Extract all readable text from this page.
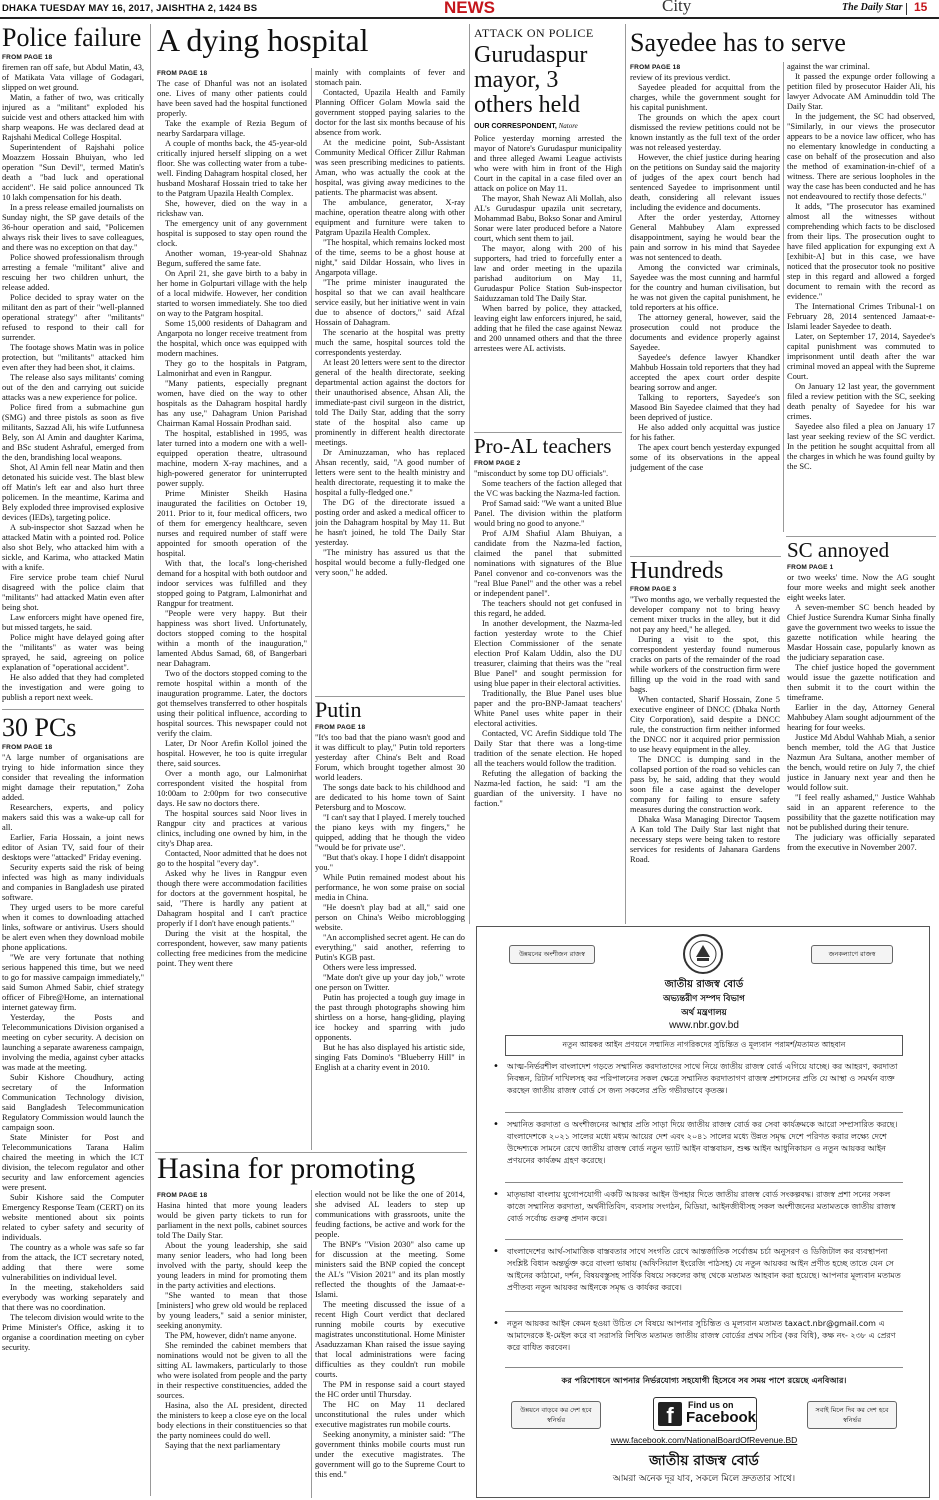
DHAKA TUESDAY MAY 16, 2017, JAISHTHA 2, 1424 BS	NEWS	City	The Daily Star 15
Police failure
FROM PAGE 18

firemen ran off safe, but Abdul Matin, 43, of Matikata Vata village of Godagari, slipped on wet ground.

Matin, a father of two, was critically injured as a "militant" exploded his suicide vest and others attacked him with sharp weapons. He was declared dead at Rajshahi Medical College Hospital.

Superintendent of Rajshahi police Moazzem Hossain Bhuiyan, who led operation "Sun Devil", termed Matin's death a "bad luck and operational accident". He said police announced Tk 10 lakh compensation for his death.

In a press release emailed journalists on Sunday night, the SP gave details of the 36-hour operation and said, "Policemen always risk their lives to save colleagues, and there was no exception on that day."

Police showed professionalism through arresting a female "militant" alive and rescuing her two children unhurt, the release added.

Police decided to spray water on the militant den as part of their "well-planned operational strategy" after "militants" refused to respond to their call for surrender.

The footage shows Matin was in police protection, but "militants" attacked him even after they had been shot, it claims.

The release also says militants' coming out of the den and carrying out suicide attacks was a new experience for police.

Police fired from a submachine gun (SMG) and three pistols as soon as five militants, Sazzad Ali, his wife Lutfunnesa Bely, son Al Amin and daughter Karima, and BSc student Ashraful, emerged from the den, brandishing local weapons.

Shot, Al Amin fell near Matin and then detonated his suicide vest. The blast blew off Matin's left ear and also hurt three policemen. In the meantime, Karima and Bely exploded three improvised explosive devices (IEDs), targeting police.

A sub-inspector shot Sazzad when he attacked Matin with a pointed rod. Police also shot Bely, who attacked him with a sickle, and Karima, who attacked Matin with a knife.

Fire service probe team chief Nurul disagreed with the police claim that "militants" had attacked Matin even after being shot.

Law enforcers might have opened fire, but missed targets, he said.

Police might have delayed going after the "militants" as water was being sprayed, he said, agreeing on police explanation of "operational accident".

He also added that they had completed the investigation and were going to publish a report next week.

30 PCs
FROM PAGE 18

"A large number of organisations are trying to hide information since they consider that revealing the information might damage their reputation," Zoha added.

Researchers, experts, and policy makers said this was a wake-up call for all.

Earlier, Faria Hossain, a joint news editor of Asian TV, said four of their desktops were "attacked" Friday evening.

Security experts said the risk of being infected was high as many individuals and companies in Bangladesh use pirated software.

They urged users to be more careful when it comes to downloading attached links, software or antivirus. Users should be alert even when they download mobile phone applications.

"We are very fortunate that nothing serious happened this time, but we need to go for massive campaign immediately," said Sumon Ahmed Sabir, chief strategy officer of Fibre@Home, an international internet gateway firm.

Yesterday, the Posts and Telecommunications Division organised a meeting on cyber security. A decision on launching a separate awareness campaign, involving the media, against cyber attacks was made at the meeting.

Subir Kishore Choudhury, acting secretary of the Information Communication Technology division, said Bangladesh Telecommunication Regulatory Commission would launch the campaign soon.

State Minister for Post and Telecommunications Tarana Halim chaired the meeting in which the ICT division, the telecom regulator and other security and law enforcement agencies were present.

Subir Kishore said the Computer Emergency Response Team (CERT) on its website mentioned about six points related to cyber safety and security of individuals.

The country as a whole was safe so far from the attack, the ICT secretary noted, adding that there were some vulnerabilities on individual level.

In the meeting, stakeholders said everybody was working separately and that there was no coordination.

The telecom division would write to the Prime Minister's Office, asking it to organise a coordination meeting on cyber security.

A dying hospital
FROM PAGE 18

The case of Dhanful was not an isolated one. Lives of many other patients could have been saved had the hospital functioned properly.

Take the example of Rezia Begum of nearby Sardarpara village.

A couple of months back, the 45-year-old critically injured herself slipping on a wet floor. She was collecting water from a tube-well. Finding Dahagram hospital closed, her husband Mosharaf Hossain tried to take her to the Patgram Upazila Health Complex.

She, however, died on the way in a rickshaw van.

The emergency unit of any government hospital is supposed to stay open round the clock.

Another woman, 19-year-old Shahnaz Begum, suffered the same fate.

On April 21, she gave birth to a baby in her home in Golpurtari village with the help of a local midwife. However, her condition started to worsen immediately. She too died on way to the Patgram hospital.

Some 15,000 residents of Dahagram and Angarpota no longer receive treatment from the hospital, which once was equipped with modern machines.

They go to the hospitals in Patgram, Lalmonirhat and even in Rangpur.

"Many patients, especially pregnant women, have died on the way to other hospitals as the Dahagram hospital hardly has any use," Dahagram Union Parishad Chairman Kamal Hossain Prodhan said.

The hospital, established in 1995, was later turned into a modern one with a well-equipped operation theatre, ultrasound machine, modern X-ray machines, and a high-powered generator for uninterrupted power supply.

Prime Minister Sheikh Hasina inaugurated the facilities on October 19, 2011. Prior to it, four medical officers, two of them for emergency healthcare, seven nurses and required number of staff were appointed for smooth operation of the hospital.

With that, the local's long-cherished demand for a hospital with both outdoor and indoor services was fulfilled and they stopped going to Patgram, Lalmonirhat and Rangpur for treatment.

"People were very happy. But their happiness was short lived. Unfortunately, doctors stopped coming to the hospital within a month of the inauguration," lamented Abdus Samad, 68, of Bangerbari near Dahagram.

Two of the doctors stopped coming to the remote hospital within a month of the inauguration programme. Later, the doctors got themselves transferred to other hospitals using their political influence, according to hospital sources. This newspaper could not verify the claim.

Later, Dr Noor Arefin Kollol joined the hospital. However, he too is quite irregular there, said sources.

Over a month ago, our Lalmonirhat correspondent visited the hospital from 10:00am to 2:00pm for two consecutive days. He saw no doctors there.

The hospital sources said Noor lives in Rangpur city and practices at various clinics, including one owned by him, in the city's Dhap area.

Contacted, Noor admitted that he does not go to the hospital "every day".

Asked why he lives in Rangpur even though there were accommodation facilities for doctors at the government hospital, he said, "There is hardly any patient at Dahagram hospital and I can't practice properly if I don't have enough patients."

During the visit at the hospital, the correspondent, however, saw many patients collecting free medicines from the medicine point. They went there

mainly with complaints of fever and stomach pain.

Contacted, Upazila Health and Family Planning Officer Golam Mowla said the government stopped paying salaries to the doctor for the last six months because of his absence from work.

At the medicine point, Sub-Assistant Community Medical Officer Zillur Rahman was seen prescribing medicines to patients. Aman, who was actually the cook at the hospital, was giving away medicines to the patients. The pharmacist was absent.

The ambulance, generator, X-ray machine, operation theatre along with other equipment and furniture were taken to Patgram Upazila Health Complex.

"The hospital, which remains locked most of the time, seems to be a ghost house at night," said Dildar Hossain, who lives in Angarpota village.

"The prime minister inaugurated the hospital so that we can avail healthcare service easily, but her initiative went in vain due to absence of doctors," said Afzal Hossain of Dahagram.

The scenario at the hospital was pretty much the same, hospital sources told the correspondents yesterday.

At least 20 letters were sent to the director general of the health directorate, seeking departmental action against the doctors for their unauthorised absence, Ahsan Ali, the immediate-past civil surgeon in the district, told The Daily Star, adding that the sorry state of the hospital also came up prominently in different health directorate meetings.

Dr Aminuzzaman, who has replaced Ahsan recently, said, "A good number of letters were sent to the health ministry and health directorate, requesting it to make the hospital a fully-fledged one."

The DG of the directorate issued a posting order and asked a medical officer to join the Dahagram hospital by May 11. But he hasn't joined, he told The Daily Star yesterday.

"The ministry has assured us that the hospital would become a fully-fledged one very soon," he added.

Putin
FROM PAGE 18

"It's too bad that the piano wasn't good and it was difficult to play," Putin told reporters yesterday after China's Belt and Road Forum, which brought together almost 30 world leaders.

The songs date back to his childhood and are dedicated to his home town of Saint Petersburg and to Moscow.

"I can't say that I played. I merely touched the piano keys with my fingers," he quipped, adding that he though the video "would be for private use".

"But that's okay. I hope I didn't disappoint you."

While Putin remained modest about his performance, he won some praise on social media in China.

"He doesn't play bad at all," said one person on China's Weibo microblogging website.

"An accomplished secret agent. He can do everything," said another, referring to Putin's KGB past.

Others were less impressed.

"Mate don't give up your day job," wrote one person on Twitter.

Putin has projected a tough guy image in the past through photographs showing him shirtless on a horse, hang-gliding, playing ice hockey and sparring with judo opponents.

But he has also displayed his artistic side, singing Fats Domino's "Blueberry Hill" in English at a charity event in 2010.

Hasina for promoting
FROM PAGE 18

Hasina hinted that more young leaders would be given party tickets to run for parliament in the next polls, cabinet sources told The Daily Star.

About the young leadership, she said many senior leaders, who had long been involved with the party, should keep the young leaders in mind for promoting them in the party activities and elections.

"She wanted to mean that those [ministers] who grew old would be replaced by young leaders," said a senior minister, seeking anonymity.

The PM, however, didn't name anyone.

She reminded the cabinet members that nominations would not be given to all the sitting AL lawmakers, particularly to those who were isolated from people and the party in their respective constituencies, added the sources.

Hasina, also the AL president, directed the ministers to keep a close eye on the local body elections in their constituencies so that the party nominees could do well.

Saying that the next parliamentary

election would not be like the one of 2014, she advised AL leaders to step up communications with grassroots, unite the feuding factions, be active and work for the people.

The BNP's "Vision 2030" also came up for discussion at the meeting. Some ministers said the BNP copied the concept the AL's "Vision 2021" and its plan mostly reflected the thoughts of the Jamaat-e-Islami.

The meeting discussed the issue of a recent High Court verdict that declared running mobile courts by executive magistrates unconstitutional. Home Minister Asaduzzaman Khan raised the issue saying that local administrations were facing difficulties as they couldn't run mobile courts.

The PM in response said a court stayed the HC order until Thursday.

The HC on May 11 declared unconstitutional the rules under which executive magistrates run mobile courts.

Seeking anonymity, a minister said: "The government thinks mobile courts must run under the executive magistrates. The government will go to the Supreme Court to this end."

ATTACK ON POLICE
Gurudaspur mayor, 3 others held
OUR CORRESPONDENT, Natore

Police yesterday morning arrested the mayor of Natore's Gurudaspur municipality and three alleged Awami League activists who were with him in front of the High Court in the capital in a case filed over an attack on police on May 11.

The mayor, Shah Newaz Ali Mollah, also AL's Gurudaspur upazila unit secretary, Mohammad Babu, Bokso Sonar and Amirul Sonar were later produced before a Natore court, which sent them to jail.

The mayor, along with 200 of his supporters, had tried to forcefully enter a law and order meeting in the upazila parishad auditorium on May 11, Gurudaspur Police Station Sub-inspector Saiduzzaman told The Daily Star.

When barred by police, they attacked, leaving eight law enforcers injured, he said, adding that he filed the case against Newaz and 200 unnamed others and that the three arrestees were AL activists.

Pro-AL teachers
FROM PAGE 2

"misconduct by some top DU officials".

Some teachers of the faction alleged that the VC was backing the Nazma-led faction.

Prof Samad said: "We want a united Blue Panel. The division within the platform would bring no good to anyone."

Prof AJM Shafiul Alam Bhuiyan, a candidate from the Nazma-led faction, claimed the panel that submitted nominations with signatures of the Blue Panel convenor and co-convenors was the "real Blue Panel" and the other was a rebel or independent panel".

The teachers should not get confused in this regard, he added.

In another development, the Nazma-led faction yesterday wrote to the Chief Election Commissioner of the senate election Prof Kalam Uddin, also the DU treasurer, claiming that theirs was the "real Blue Panel" and sought permission for using blue paper in their electoral activities.

Traditionally, the Blue Panel uses blue paper and the pro-BNP-Jamaat teachers' White Panel uses white paper in their electoral activities.

Contacted, VC Arefin Siddique told The Daily Star that there was a long-time tradition of the senate election. He hoped all the teachers would follow the tradition.

Refuting the allegation of backing the Nazma-led faction, he said: "I am the guardian of the university. I have no faction."

Sayedee has to serve
FROM PAGE 18

review of its previous verdict.

Sayedee pleaded for acquittal from the charges, while the government sought for his capital punishment.

The grounds on which the apex court dismissed the review petitions could not be known instantly as the full text of the order was not released yesterday.

However, the chief justice during hearing on the petitions on Sunday said the majority of judges of the apex court bench had sentenced Sayedee to imprisonment until death, considering all relevant issues including the evidence and documents.

After the order yesterday, Attorney General Mahbubey Alam expressed disappointment, saying he would bear the pain and sorrow in his mind that Sayedee was not sentenced to death.

Among the convicted war criminals, Sayedee was the most cunning and harmful for the country and human civilisation, but he was not given the capital punishment, he told reporters at his office.

The attorney general, however, said the prosecution could not produce the documents and evidence properly against Sayedee.

Sayedee's defence lawyer Khandker Mahbub Hossain told reporters that they had accepted the apex court order despite bearing sorrow and anger.

Talking to reporters, Sayedee's son Masood Bin Sayedee claimed that they had been deprived of justice.

He also added only acquittal was justice for his father.

The apex court bench yesterday expunged some of its observations in the appeal judgement of the case

against the war criminal.

It passed the expunge order following a petition filed by prosecutor Haider Ali, his lawyer Advocate AM Aminuddin told The Daily Star.

In the judgement, the SC had observed, "Similarly, in our views the prosecutor appears to be a novice law officer, who has no elementary knowledge in conducting a case on behalf of the prosecution and also the method of examination-in-chief of a witness. There are serious loopholes in the way the case has been conducted and he has not endeavoured to rectify those defects."

It adds, "The prosecutor has examined almost all the witnesses without comprehending which facts to be disclosed from their lips. The prosecution ought to have filed application for expunging ext A [exhibit-A] but in this case, we have noticed that the prosecutor took no positive step in this regard and allowed a forged document to remain with the record as evidence."

The International Crimes Tribunal-1 on February 28, 2014 sentenced Jamaat-e-Islami leader Sayedee to death.

Later, on September 17, 2014, Sayedee's capital punishment was commuted to imprisonment until death after the war criminal moved an appeal with the Supreme Court.

On January 12 last year, the government filed a review petition with the SC, seeking death penalty of Sayedee for his war crimes.

Sayedee also filed a plea on January 17 last year seeking review of the SC verdict. In the petition he sought acquittal from all the charges in which he was found guilty by the SC.

Hundreds
FROM PAGE 3

"Two months ago, we verbally requested the developer company not to bring heavy cement mixer trucks in the alley, but it did not pay any heed," he alleged.

During a visit to the spot, this correspondent yesterday found numerous cracks on parts of the remainder of the road while workers of the construction firm were filling up the void in the road with sand bags.

When contacted, Sharif Hossain, Zone 5 executive engineer of DNCC (Dhaka North City Corporation), said despite a DNCC rule, the construction firm neither informed the DNCC nor it acquired prior permission to use heavy equipment in the alley.

The DNCC is dumping sand in the collapsed portion of the road so vehicles can pass by, he said, adding that they would soon file a case against the developer company for failing to ensure safety measures during the construction work.

Dhaka Wasa Managing Director Taqsem A Kan told The Daily Star last night that necessary steps were being taken to restore services for residents of Jahanara Gardens Road.

SC annoyed
FROM PAGE 1

or two weeks' time. Now the AG sought four more weeks and might seek another eight weeks later.

A seven-member SC bench headed by Chief Justice Surendra Kumar Sinha finally gave the government two weeks to issue the gazette notification while hearing the Masdar Hossain case, popularly known as the judiciary separation case.

The chief justice hoped the government would issue the gazette notification and then submit it to the court within the timeframe.

Earlier in the day, Attorney General Mahbubey Alam sought adjournment of the hearing for four weeks.

Justice Md Abdul Wahhab Miah, a senior bench member, told the AG that Justice Nazmun Ara Sultana, another member of the bench, would retire on July 7, the chief justice in January next year and then he would follow suit.

"I feel really ashamed," Justice Wahhab said in an apparent reference to the possibility that the gazette notification may not be published during their tenure.

The judiciary was officially separated from the executive in November 2007.

উন্নয়নের অংশীজন রাজস্ব	জনকল্যাণে রাজস্ব
জাতীয় রাজস্ব বোর্ড
অভ্যন্তরীণ সম্পদ বিভাগ
অর্থ মন্ত্রণালয়
www.nbr.gov.bd
নতুন আয়কর আইন প্রণয়নে সম্মানিত নাগরিকদের সুচিন্তিত ও মূল্যবান পরামর্শ/মতামত আহবান
• আত্ম-নির্ভরশীল বাংলাদেশ গড়তে সম্মানিত করদাতাদের সাথে নিয়ে জাতীয় রাজস্ব বোর্ড এগিয়ে যাচ্ছে। কর আহরণ, করদাতা নিবন্ধন, রিটার্ন দাখিলসহ কর পরিপালনের সকল ক্ষেত্রে সম্মানিত করদাতাগণ রাজস্ব প্রশাসনের প্রতি যে আস্থা ও সমর্থন ব্যক্ত করছেন জাতীয় রাজস্ব বোর্ড সে জন্য সকলের প্রতি গভীরভাবে কৃতজ্ঞ।
• সম্মানিত করদাতা ও অংশীজনের আস্থার প্রতি সাড়া দিয়ে জাতীয় রাজস্ব বোর্ড কর সেবা কার্যক্রমকে আরো সম্প্রসারিত করছে। বাংলাদেশকে ২০২১ সালের মধ্যে মধ্যম আয়ের দেশ এবং ২০৪১ সালের মধ্যে উন্নত সমৃদ্ধ দেশে পরিণত করার লক্ষ্যে দেশে উদ্দেশ্যকে সামনে রেখে জাতীয় রাজস্ব বোর্ড নতুন ভ্যাট আইন বাস্তবায়ন, শুল্ক আইন আধুনিকায়ন ও নতুন আয়কর আইন প্রণয়নের কার্যক্রম গ্রহণ করেছে।
• মাতৃভাষা বাংলায় যুগোপযোগী একটি আয়কর আইন উপহার দিতে জাতীয় রাজস্ব বোর্ড সংকল্পবদ্ধ। রাজস্ব প্রশা সনের সকল কাজে সম্মানিত করদাতা, অর্থনীতিবিদ, ব্যবসায় সংগঠন, মিডিয়া, আইনজীবীসহ সকল অংশীজনের মতামতকে জাতীয় রাজস্ব বোর্ড সর্বোচ্চ গুরুত্ব প্রদান করে।
• বাংলাদেশের আর্থ-সামাজিক বাস্তবতার সাথে সংগতি রেখে আন্তর্জাতিক সর্বোত্তম চর্চা অনুসরণ ও ডিজিটাল কর ব্যবস্থাপনা সংশ্লিষ্ট বিধান অন্তর্ভুক্ত করে বাংলা ভাষায় (অফিসিয়াল ইংরেজি পাঠসহ) যে নতুন আয়কর আইন প্রণীত হচ্ছে তাতে যেন সে আইনের কাঠামো, দর্শন, বিষয়বস্তুসহ সার্বিক বিষয়ে সকলের কাছ থেকে মতামত আহবান করা হয়েছে। আপনার মূল্যবান মতামত প্রণীতব্য নতুন আয়কর আইনকে সমৃদ্ধ ও কার্যকর করবে।
• নতুন আয়কর আইন কেমন হওয়া উচিত সে বিষয়ে আপনার সুচিন্তিত ও মূল্যবান মতামত taxact.nbr@gmail.com এ আমাদেরকে ই-মেইল করে বা সরাসরি লিখিত মতামত জাতীয় রাজস্ব বোর্ডের প্রথম সচিব (কর বিধি), কক্ষ নং- ২৩৮ এ প্রেরণ করে বাধিত করবেন।
কর পরিশোধনে আপনার নির্ভরযোগ্য সহযোগী হিসেবে সব সময় পাশে রয়েছে এনবিআর।
উন্নয়নে বাড়বে কর দেশ হবে স্বনির্ভর
সবাই মিলে দিব কর দেশ হবে স্বনির্ভর
f	Find us on
Facebook
www.facebook.com/NationalBoardOfRevenue.BD
জাতীয় রাজস্ব বোর্ড
আমরা অনেক দূর যাব, সকলে মিলে দ্রুততার সাথে।
